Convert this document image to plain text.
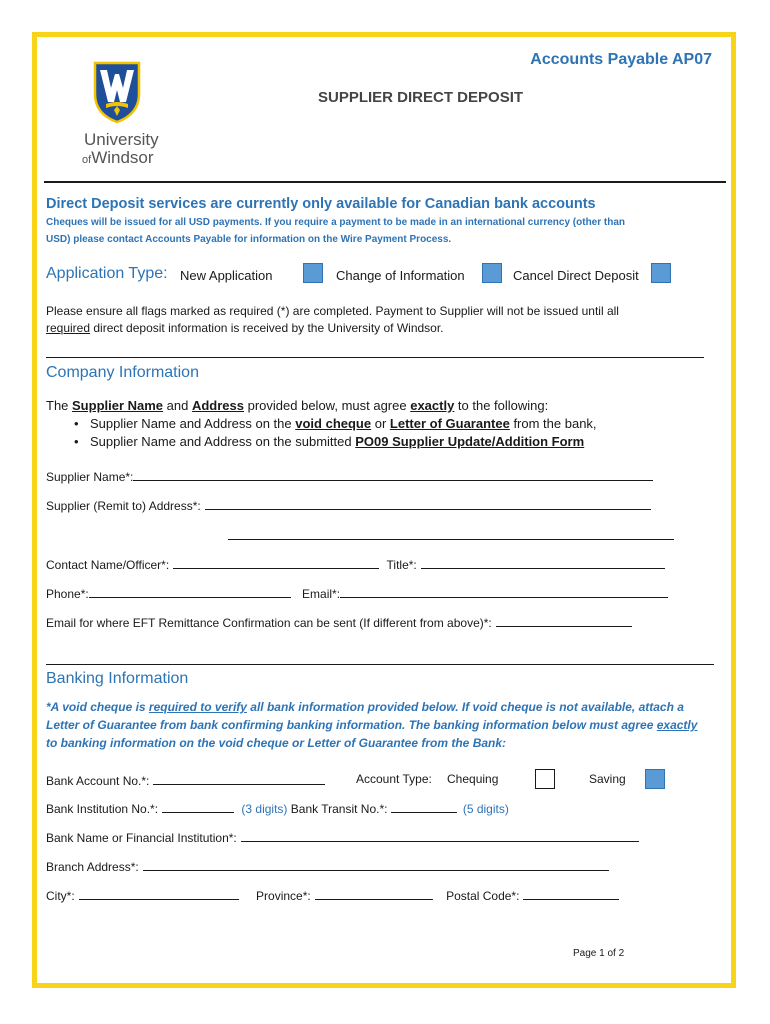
University
ofWindsor
Accounts Payable AP07
SUPPLIER DIRECT DEPOSIT
Direct Deposit services are currently only available for Canadian bank accounts
Cheques will be issued for all USD payments. If you require a payment to be made in an international currency (other than
USD) please contact Accounts Payable for information on the Wire Payment Process.
Application Type: New Application	Change of Information	Cancel Direct Deposit
Please ensure all flags marked as required (*) are completed. Payment to Supplier will not be issued until all
required direct deposit information is received by the University of Windsor.
Company Information
The Supplier Name and Address provided below, must agree exactly to the following:
• Supplier Name and Address on the void cheque or Letter of Guarantee from the bank,
• Supplier Name and Address on the submitted PO09 Supplier Update/Addition Form
Supplier Name*:
Supplier (Remit to) Address*:
Contact Name/Officer*:	Title*:
Phone*:	Email*:
Email for where EFT Remittance Confirmation can be sent (If different from above)*:
Banking Information
*A void cheque is required to verify all bank information provided below. If void cheque is not available, attach a
Letter of Guarantee from bank confirming banking information. The banking information below must agree exactly
to banking information on the void cheque or Letter of Guarantee from the Bank:
Bank Account No.*:	Account Type: Chequing	Saving
Bank Institution No.*:	(3 digits) Bank Transit No.*:	(5 digits)
Bank Name or Financial Institution*:
Branch Address*:
City*:	Province*:	Postal Code*:
Page 1 of 2
